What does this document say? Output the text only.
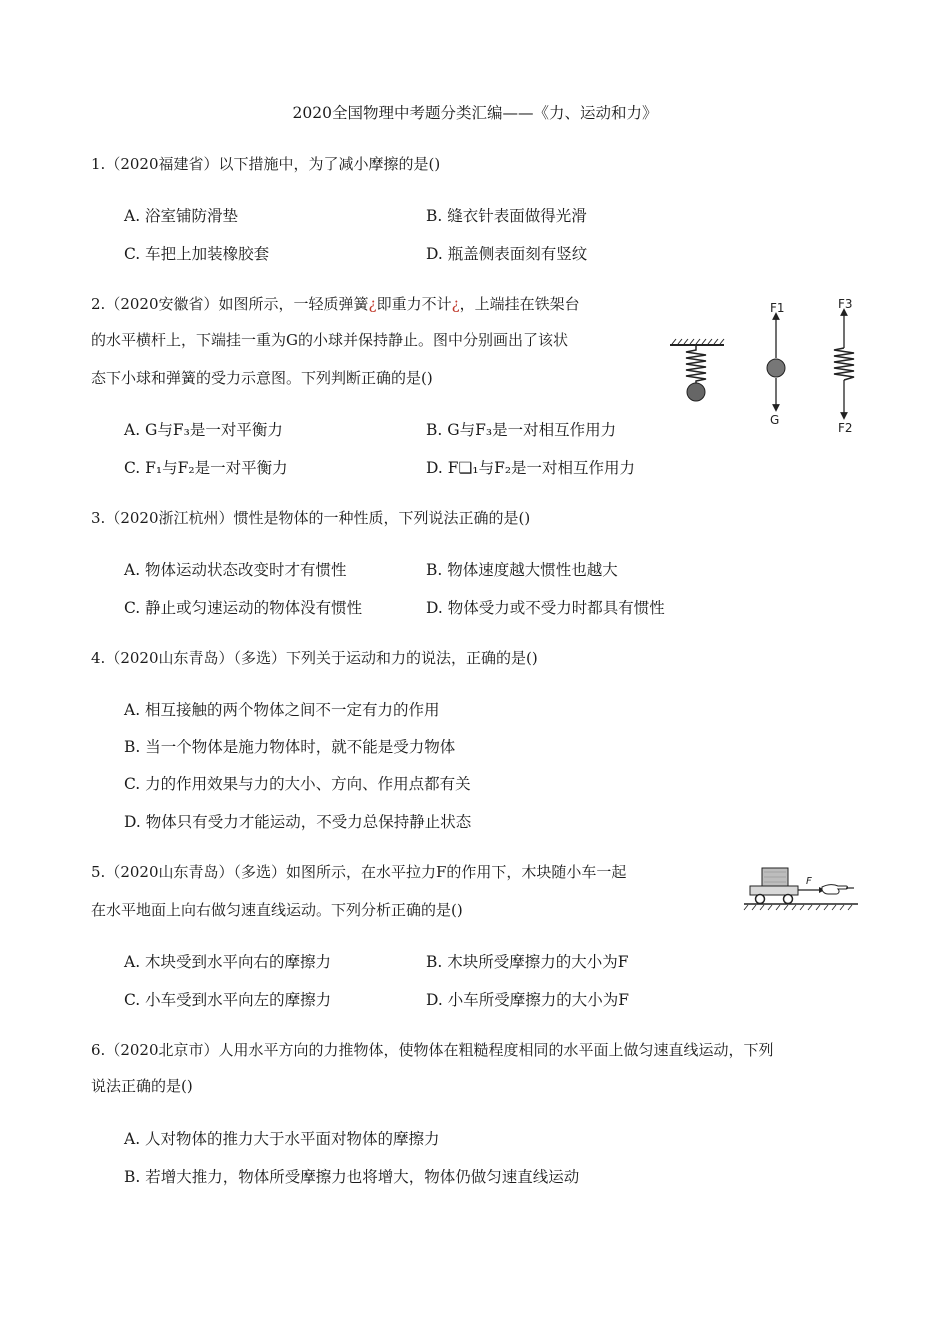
2020全国物理中考题分类汇编——《力、运动和力》
1.（2020福建省）以下措施中，为了减小摩擦的是()
A. 浴室铺防滑垫	B. 缝衣针表面做得光滑
C. 车把上加装橡胶套	D. 瓶盖侧表面刻有竖纹
2.（2020安徽省）如图所示，一轻质弹簧¿即重力不计¿，上端挂在铁架台
的水平横杆上，下端挂一重为G的小球并保持静止。图中分别画出了该状
态下小球和弹簧的受力示意图。下列判断正确的是()
A. G与F₃是一对平衡力	B. G与F₃是一对相互作用力
C. F₁与F₂是一对平衡力	D. F❑₁与F₂是一对相互作用力
F1
G
F3
F2
3.（2020浙江杭州）惯性是物体的一种性质，下列说法正确的是()
A. 物体运动状态改变时才有惯性	B. 物体速度越大惯性也越大
C. 静止或匀速运动的物体没有惯性	D. 物体受力或不受力时都具有惯性
4.（2020山东青岛）（多选）下列关于运动和力的说法，正确的是()
A. 相互接触的两个物体之间不一定有力的作用
B. 当一个物体是施力物体时，就不能是受力物体
C. 力的作用效果与力的大小、方向、作用点都有关
D. 物体只有受力才能运动，不受力总保持静止状态
5.（2020山东青岛）（多选）如图所示，在水平拉力F的作用下，木块随小车一起
在水平地面上向右做匀速直线运动。下列分析正确的是()
A. 木块受到水平向右的摩擦力	B. 木块所受摩擦力的大小为F
C. 小车受到水平向左的摩擦力	D. 小车所受摩擦力的大小为F
F
6.（2020北京市）人用水平方向的力推物体，使物体在粗糙程度相同的水平面上做匀速直线运动，下列
说法正确的是()
A. 人对物体的推力大于水平面对物体的摩擦力
B. 若增大推力，物体所受摩擦力也将增大，物体仍做匀速直线运动
